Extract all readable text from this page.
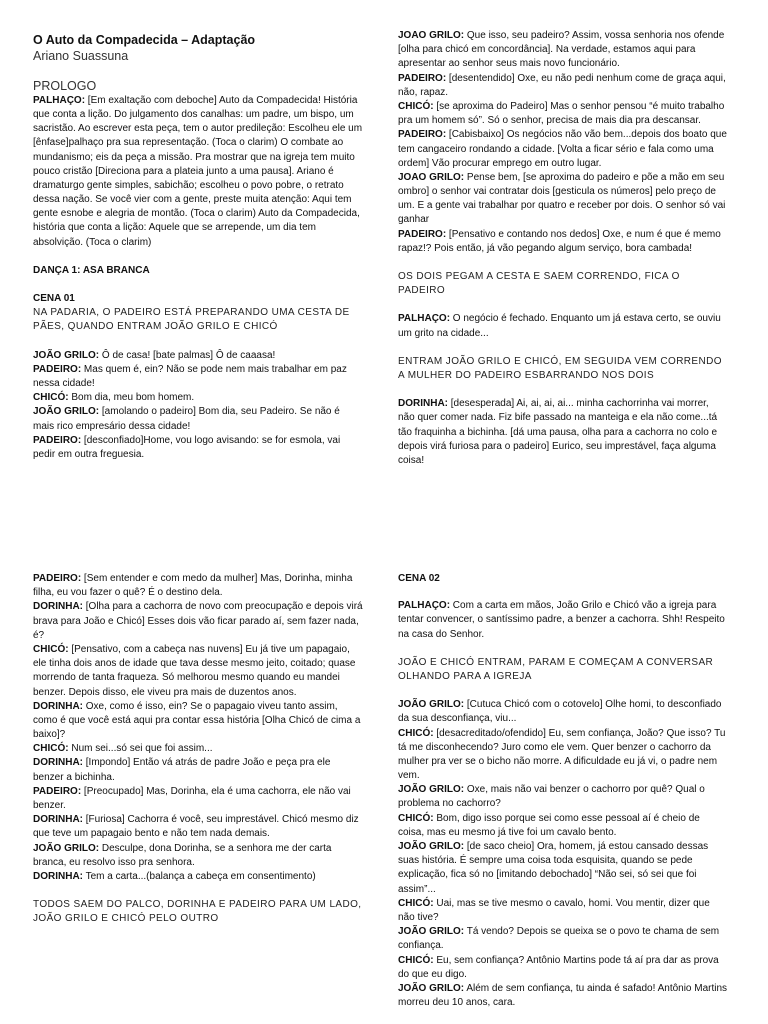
O Auto da Compadecida – Adaptação
Ariano Suassuna
PROLOGO

PALHAÇO: [Em exaltação com deboche] Auto da Compadecida! História que conta a lição. Do julgamento dos canalhas: um padre, um bispo, um sacristão. Ao escrever esta peça, tem o autor predileção: Escolheu ele um [ênfase]palhaço pra sua representação. (Toca o clarim) O combate ao mundanismo; eis da peça a missão. Pra mostrar que na igreja tem muito pouco cristão [Direciona para a plateia junto a uma pausa]. Ariano é dramaturgo gente simples, sabichão; escolheu o povo pobre, o retrato dessa nação. Se você vier com a gente, preste muita atenção: Aqui tem gente esnobe e alegria de montão. (Toca o clarim) Auto da Compadecida, história que conta a lição: Aquele que se arrepende, um dia tem absolvição. (Toca o clarim)

DANÇA 1: ASA BRANCA
CENA 01
NA PADARIA, O PADEIRO ESTÁ PREPARANDO UMA CESTA DE PÃES, QUANDO ENTRAM JOÃO GRILO E CHICÓ

JOÃO GRILO: Ô de casa! [bate palmas] Ô de caaasa!

PADEIRO: Mas quem é, ein? Não se pode nem mais trabalhar em paz nessa cidade!

CHICÓ: Bom dia, meu bom homem.

JOÃO GRILO: [amolando o padeiro] Bom dia, seu Padeiro. Se não é mais rico empresário dessa cidade!

PADEIRO: [desconfiado]Home, vou logo avisando: se for esmola, vai pedir em outra freguesia.

JOAO GRILO: Que isso, seu padeiro? Assim, vossa senhoria nos ofende [olha para chicó em concordância]. Na verdade, estamos aqui para apresentar ao senhor seus mais novo funcionário.

PADEIRO: [desentendido] Oxe, eu não pedi nenhum come de graça aqui, não, rapaz.

CHICÓ: [se aproxima do Padeiro] Mas o senhor pensou “é muito trabalho pra um homem só”. Só o senhor, precisa de mais dia pra descansar.

PADEIRO: [Cabisbaixo] Os negócios não vão bem...depois dos boato que tem cangaceiro rondando a cidade. [Volta a ficar sério e fala como uma ordem] Vão procurar emprego em outro lugar.

JOAO GRILO: Pense bem, [se aproxima do padeiro e põe a mão em seu ombro] o senhor vai contratar dois [gesticula os números] pelo preço de um. E a gente vai trabalhar por quatro e receber por dois. O senhor só vai ganhar

PADEIRO: [Pensativo e contando nos dedos] Oxe, e num é que é memo rapaz!? Pois então, já vão pegando algum serviço, bora cambada!

OS DOIS PEGAM A CESTA E SAEM CORRENDO, FICA O PADEIRO

PALHAÇO: O negócio é fechado. Enquanto um já estava certo, se ouviu um grito na cidade...

ENTRAM JOÃO GRILO E CHICÓ, EM SEGUIDA VEM CORRENDO A MULHER DO PADEIRO ESBARRANDO NOS DOIS

DORINHA: [desesperada] Ai, ai, ai, ai... minha cachorrinha vai morrer, não quer comer nada. Fiz bife passado na manteiga e ela não come...tá tão fraquinha a bichinha. [dá uma pausa, olha para a cachorra no colo e depois virá furiosa para o padeiro] Eurico, seu imprestável, faça alguma coisa!

PADEIRO: [Sem entender e com medo da mulher] Mas, Dorinha, minha filha, eu vou fazer o quê? É o destino dela.

DORINHA: [Olha para a cachorra de novo com preocupação e depois virá brava para João e Chicó] Esses dois vão ficar parado aí, sem fazer nada, é?

CHICÓ: [Pensativo, com a cabeça nas nuvens] Eu já tive um papagaio, ele tinha dois anos de idade que tava desse mesmo jeito, coitado; quase morrendo de tanta fraqueza. Só melhorou mesmo quando eu mandei benzer. Depois disso, ele viveu pra mais de duzentos anos.

DORINHA: Oxe, como é isso, ein? Se o papagaio viveu tanto assim, como é que você está aqui pra contar essa história [Olha Chicó de cima a baixo]?

CHICÓ: Num sei...só sei que foi assim...

DORINHA: [Impondo] Então vá atrás de padre João e peça pra ele benzer a bichinha.

PADEIRO: [Preocupado] Mas, Dorinha, ela é uma cachorra, ele não vai benzer.

DORINHA: [Furiosa] Cachorra é você, seu imprestável. Chicó mesmo diz que teve um papagaio bento e não tem nada demais.

JOÃO GRILO: Desculpe, dona Dorinha, se a senhora me der carta branca, eu resolvo isso pra senhora.

DORINHA: Tem a carta...(balança a cabeça em consentimento)

TODOS SAEM DO PALCO, DORINHA E PADEIRO PARA UM LADO, JOÃO GRILO E CHICÓ PELO OUTRO
CENA 02

PALHAÇO: Com a carta em mãos, João Grilo e Chicó vão a igreja para tentar convencer, o santíssimo padre, a benzer a cachorra. Shh! Respeito na casa do Senhor.

JOÃO E CHICÓ ENTRAM, PARAM E COMEÇAM A CONVERSAR OLHANDO PARA A IGREJA

JOÃO GRILO: [Cutuca Chicó com o cotovelo] Olhe homi, to desconfiado da sua desconfiança, viu...

CHICÓ: [desacreditado/ofendido] Eu, sem confiança, João? Que isso? Tu tá me disconhecendo? Juro como ele vem. Quer benzer o cachorro da mulher pra ver se o bicho não morre. A dificuldade eu já vi, o padre nem vem.

JOÃO GRILO: Oxe, mais não vai benzer o cachorro por quê? Qual o problema no cachorro?

CHICÓ: Bom, digo isso porque sei como esse pessoal aí é cheio de coisa, mas eu mesmo já tive foi um cavalo bento.

JOÃO GRILO: [de saco cheio] Ora, homem, já estou cansado dessas suas história. É sempre uma coisa toda esquisita, quando se pede explicação, fica só no [imitando debochado] “Não sei, só sei que foi assim”...

CHICÓ: Uai, mas se tive mesmo o cavalo, homi. Vou mentir, dizer que não tive?

JOÃO GRILO: Tá vendo? Depois se queixa se o povo te chama de sem confiança.

CHICÓ: Eu, sem confiança? Antônio Martins pode tá aí pra dar as prova do que eu digo.

JOÃO GRILO: Além de sem confiança, tu ainda é safado! Antônio Martins morreu deu 10 anos, cara.
